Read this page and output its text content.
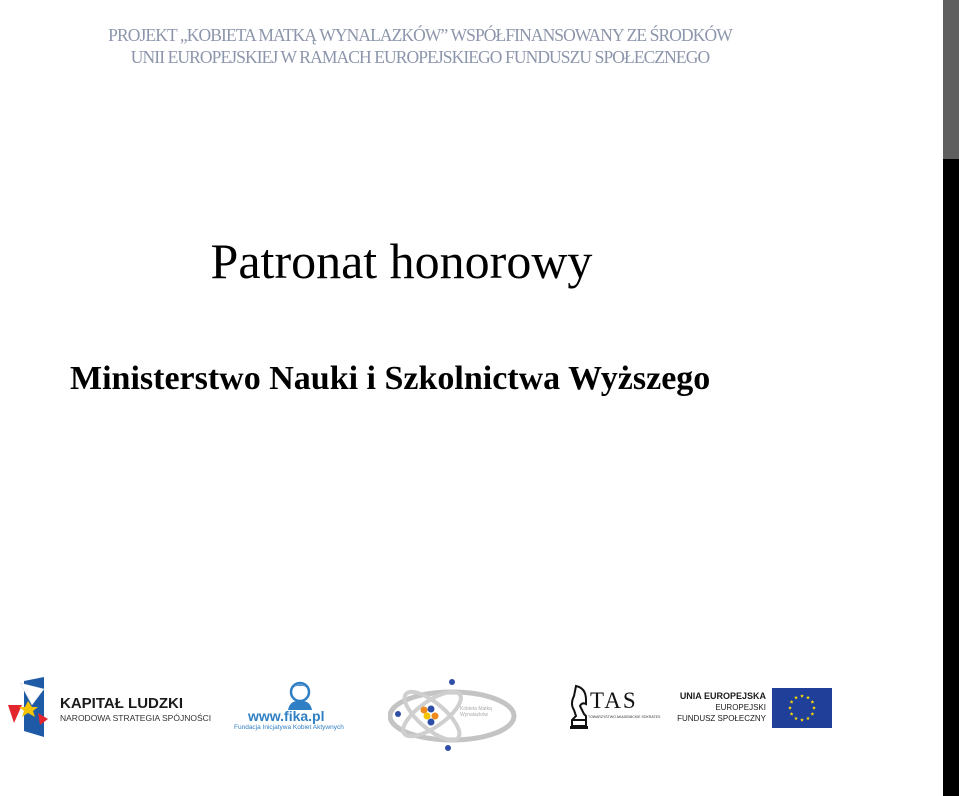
PROJEKT „KOBIETA MATKĄ WYNALAZKÓW” WSPÓŁFINANSOWANY ZE ŚRODKÓW
UNII EUROPEJSKIEJ W RAMACH EUROPEJSKIEGO FUNDUSZU SPOŁECZNEGO
Patronat honorowy
Ministerstwo Nauki i Szkolnictwa Wyższego
KAPITAŁ LUDZKI
NARODOWA STRATEGIA SPÓJNOŚCI	www.fika.pl
Fundacja Inicjatywa Kobiet Aktywnych
Kobieta Matką Wynalazków
TAS
TOWARZYSTWO AKADEMICKIE SOKRATES
UNIA EUROPEJSKA
EUROPEJSKI
FUNDUSZ SPOŁECZNY
